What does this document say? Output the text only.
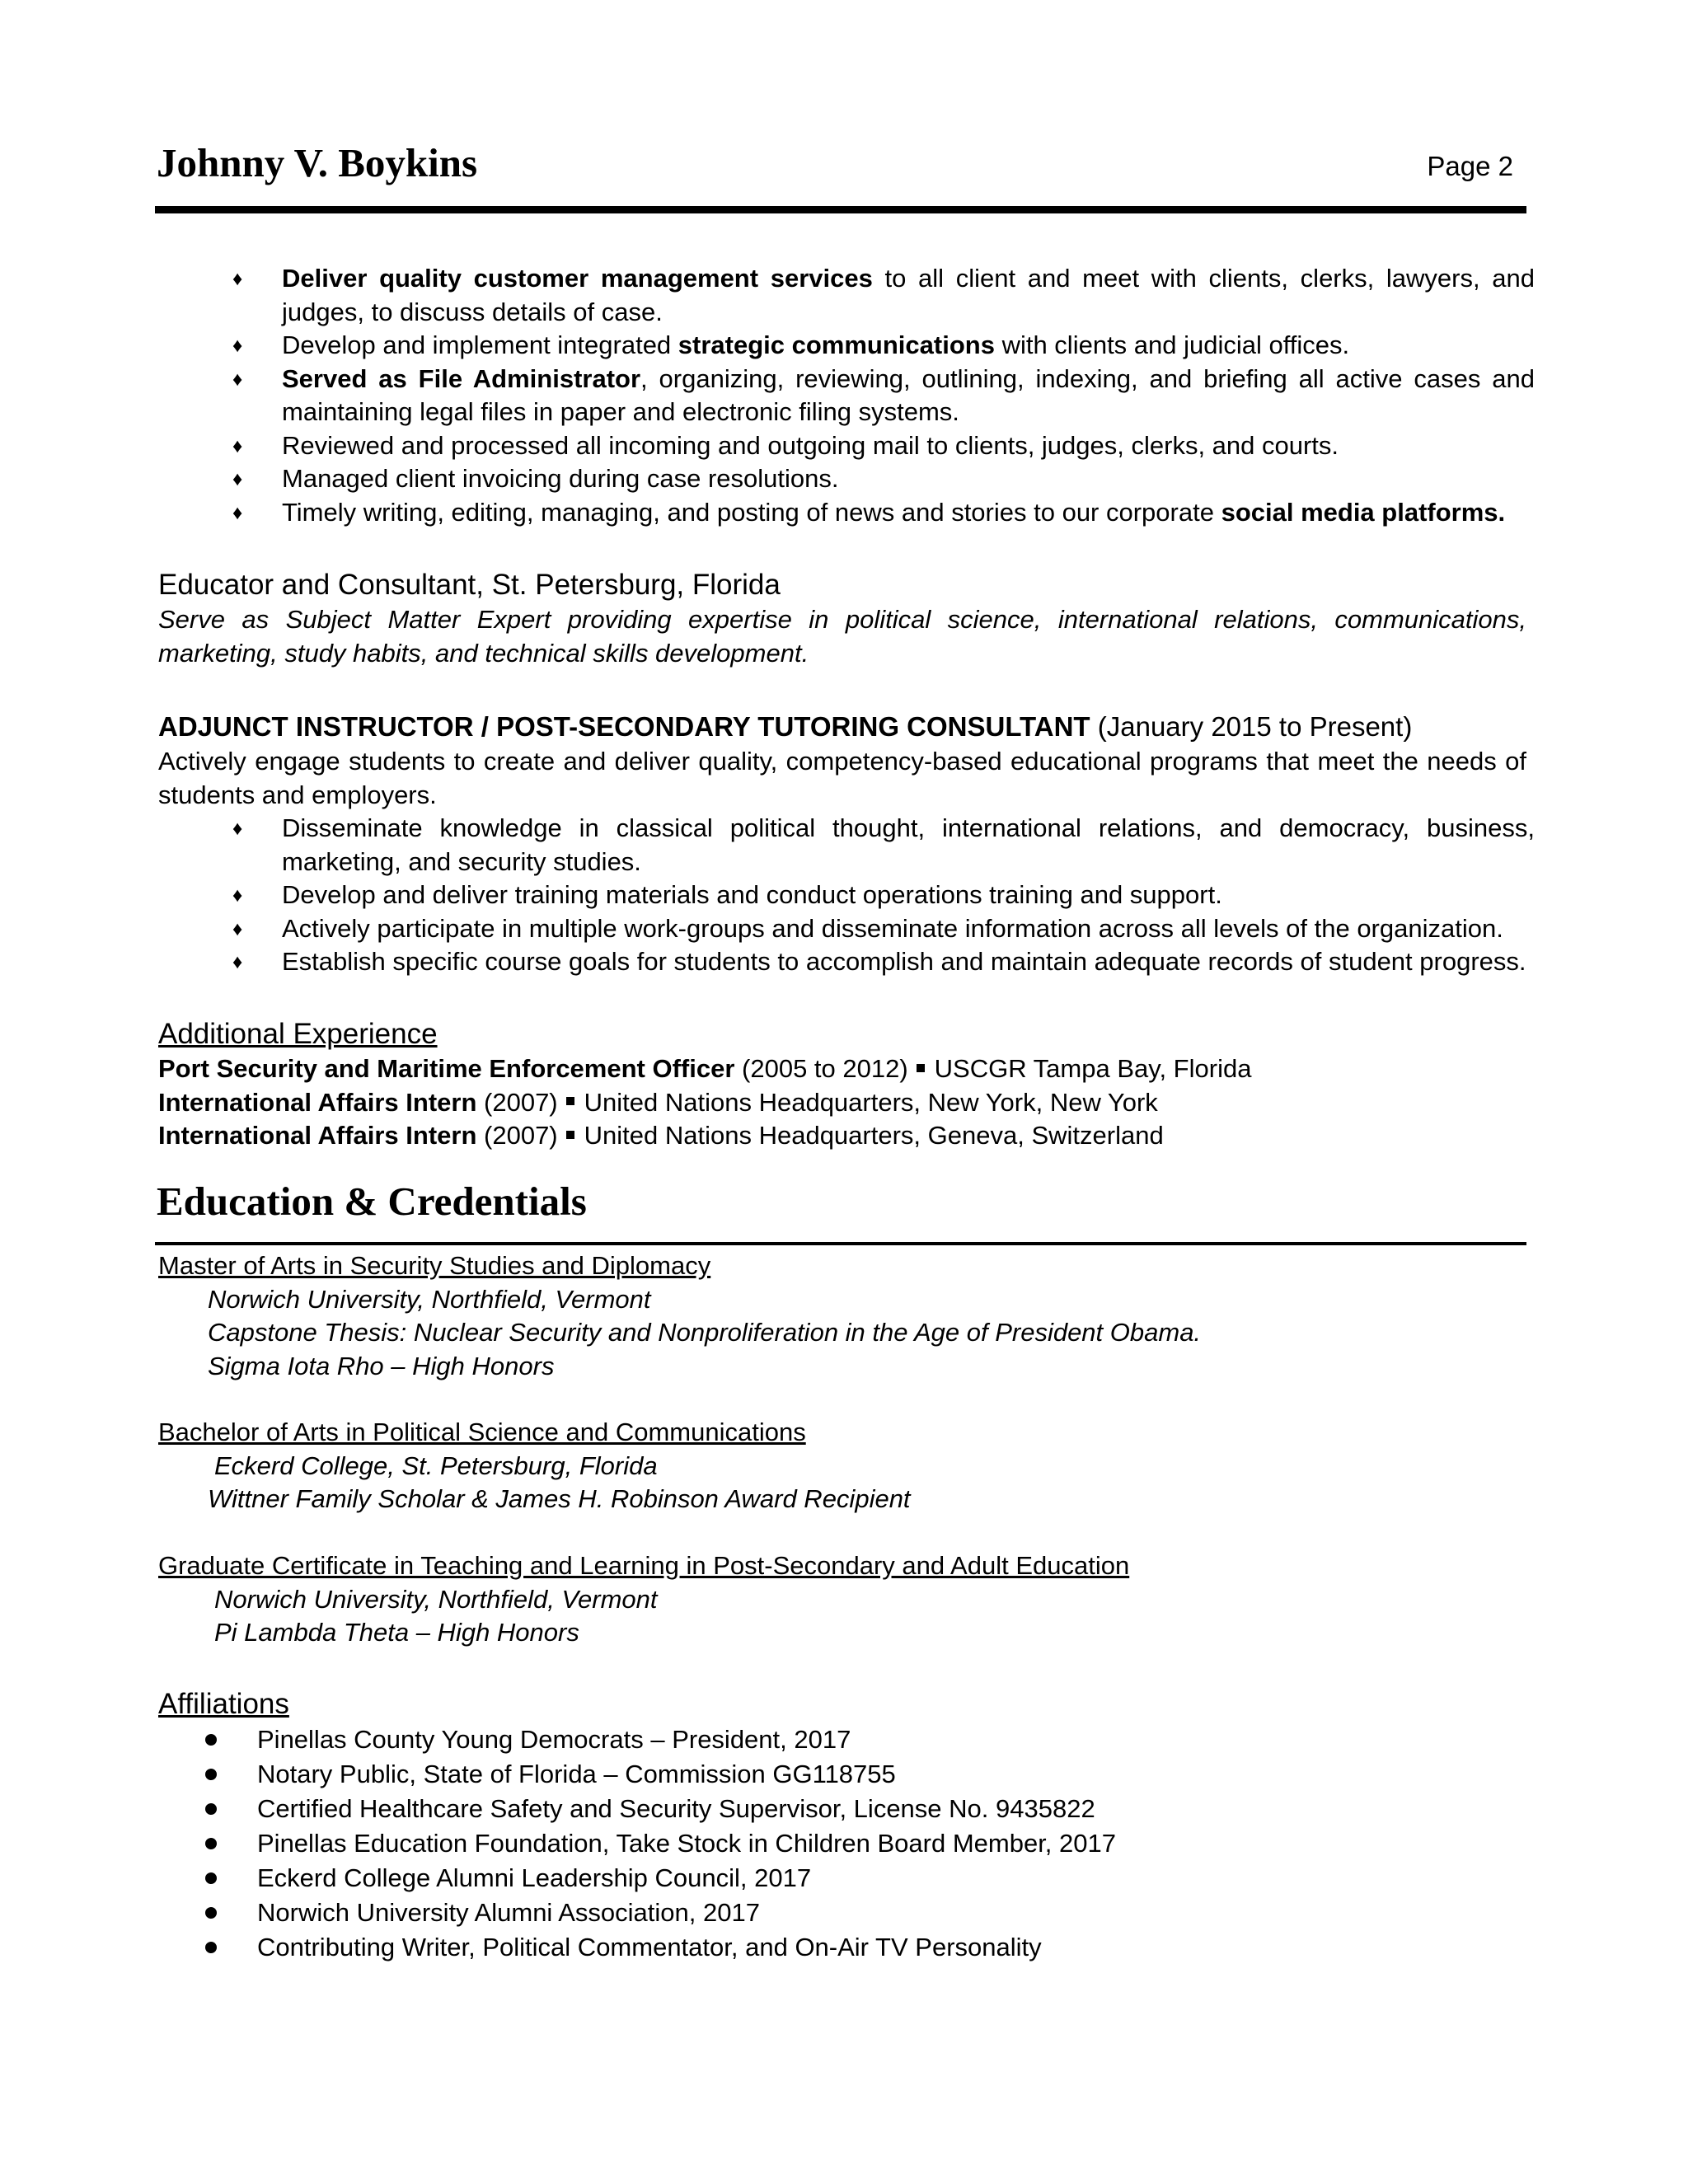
Johnny V. Boykins	Page 2
♦ Deliver quality customer management services to all client and meet with clients, clerks, lawyers, and judges, to discuss details of case.
♦ Develop and implement integrated strategic communications with clients and judicial offices.
♦ Served as File Administrator, organizing, reviewing, outlining, indexing, and briefing all active cases and maintaining legal files in paper and electronic filing systems.
♦ Reviewed and processed all incoming and outgoing mail to clients, judges, clerks, and courts.
♦ Managed client invoicing during case resolutions.
♦ Timely writing, editing, managing, and posting of news and stories to our corporate social media platforms.
Educator and Consultant, St. Petersburg, Florida
Serve as Subject Matter Expert providing expertise in political science, international relations, communications, marketing, study habits, and technical skills development.
ADJUNCT INSTRUCTOR / POST-SECONDARY TUTORING CONSULTANT (January 2015 to Present)
Actively engage students to create and deliver quality, competency-based educational programs that meet the needs of students and employers.
♦ Disseminate knowledge in classical political thought, international relations, and democracy, business, marketing, and security studies.
♦ Develop and deliver training materials and conduct operations training and support.
♦ Actively participate in multiple work-groups and disseminate information across all levels of the organization.
♦ Establish specific course goals for students to accomplish and maintain adequate records of student progress.
Additional Experience
Port Security and Maritime Enforcement Officer (2005 to 2012) USCGR Tampa Bay, Florida
International Affairs Intern (2007) United Nations Headquarters, New York, New York
International Affairs Intern (2007) United Nations Headquarters, Geneva, Switzerland
Education & Credentials
Master of Arts in Security Studies and Diplomacy
Norwich University, Northfield, Vermont
Capstone Thesis: Nuclear Security and Nonproliferation in the Age of President Obama.
Sigma Iota Rho – High Honors
Bachelor of Arts in Political Science and Communications
Eckerd College, St. Petersburg, Florida
Wittner Family Scholar & James H. Robinson Award Recipient
Graduate Certificate in Teaching and Learning in Post-Secondary and Adult Education
Norwich University, Northfield, Vermont
Pi Lambda Theta – High Honors
Affiliations
Pinellas County Young Democrats – President, 2017
Notary Public, State of Florida – Commission GG118755
Certified Healthcare Safety and Security Supervisor, License No. 9435822
Pinellas Education Foundation, Take Stock in Children Board Member, 2017
Eckerd College Alumni Leadership Council, 2017
Norwich University Alumni Association, 2017
Contributing Writer, Political Commentator, and On-Air TV Personality
